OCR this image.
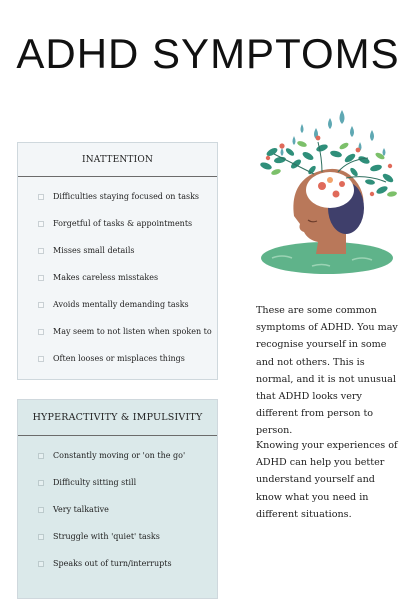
ADHD SYMPTOMS
INATTENTION
Difficulties staying focused on tasks
Forgetful of tasks & appointments
Misses small details
Makes careless misstakes
Avoids mentally demanding tasks
May seem to not listen when spoken to
Often looses or misplaces things
HYPERACTIVITY & IMPULSIVITY
Constantly moving or 'on the go'
Difficulty sitting still
Very talkative
Struggle with 'quiet' tasks
Speaks out of turn/interrupts

These are some common symptoms of ADHD. You may recognise yourself in some and not others. This is normal, and it is not unusual that ADHD looks very different from person to person.

Knowing your experiences of ADHD can help you better understand yourself and know what you need in different situations.
